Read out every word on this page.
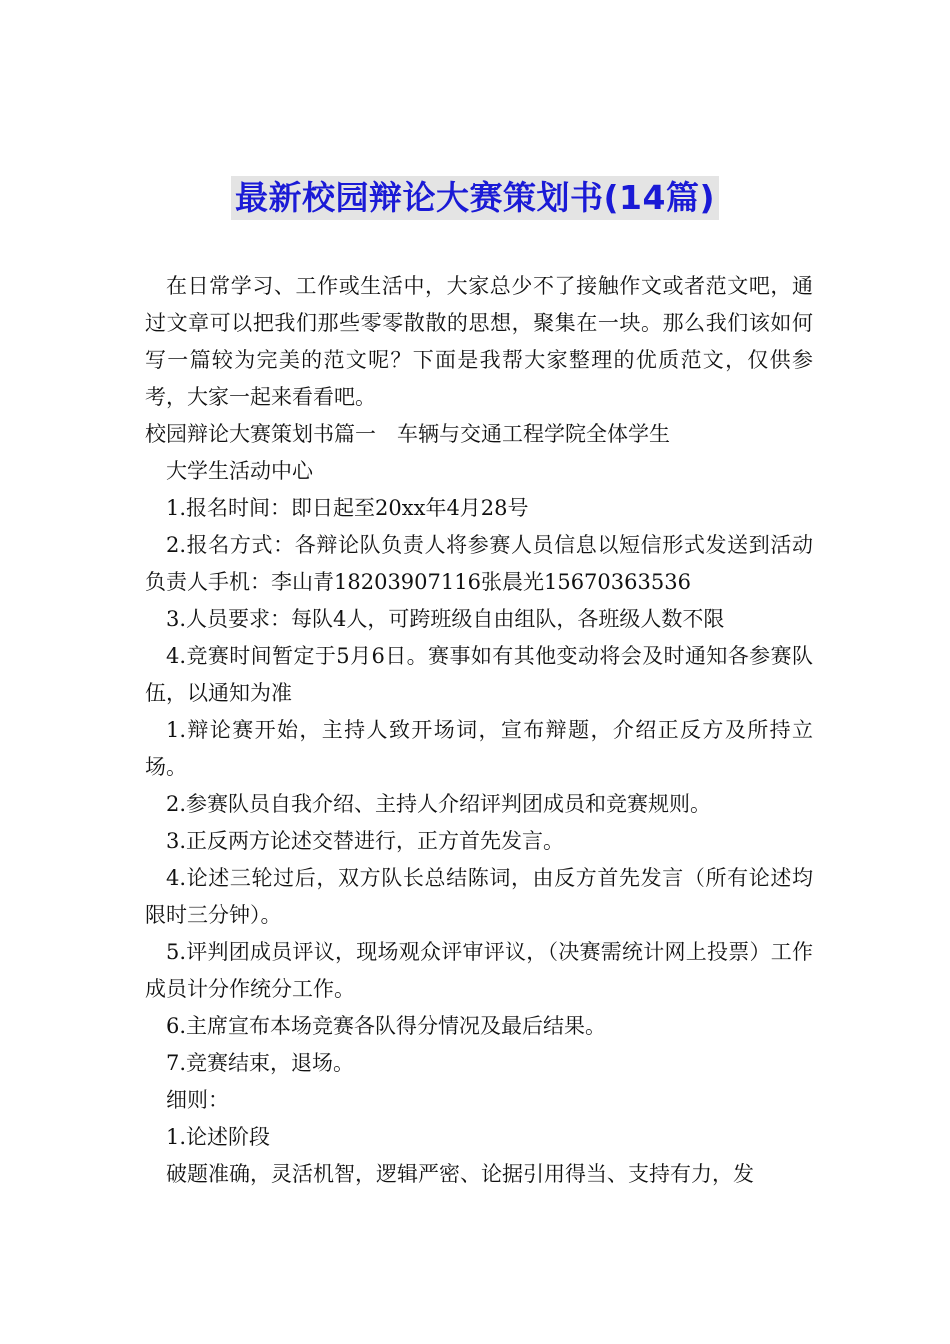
最新校园辩论大赛策划书(14篇)

在日常学习、工作或生活中，大家总少不了接触作文或者范文吧，通过文章可以把我们那些零零散散的思想，聚集在一块。那么我们该如何写一篇较为完美的范文呢？下面是我帮大家整理的优质范文，仅供参考，大家一起来看看吧。

校园辩论大赛策划书篇一　车辆与交通工程学院全体学生

大学生活动中心

1.报名时间：即日起至20xx年4月28号

2.报名方式：各辩论队负责人将参赛人员信息以短信形式发送到活动负责人手机：李山青18203907116张晨光15670363536

3.人员要求：每队4人，可跨班级自由组队，各班级人数不限

4.竞赛时间暂定于5月6日。赛事如有其他变动将会及时通知各参赛队伍，以通知为准

1.辩论赛开始，主持人致开场词，宣布辩题，介绍正反方及所持立场。

2.参赛队员自我介绍、主持人介绍评判团成员和竞赛规则。

3.正反两方论述交替进行，正方首先发言。

4.论述三轮过后，双方队长总结陈词，由反方首先发言（所有论述均限时三分钟）。

5.评判团成员评议，现场观众评审评议，（决赛需统计网上投票）工作成员计分作统分工作。

6.主席宣布本场竞赛各队得分情况及最后结果。

7.竞赛结束，退场。

细则：

1.论述阶段

破题准确，灵活机智，逻辑严密、论据引用得当、支持有力，发
